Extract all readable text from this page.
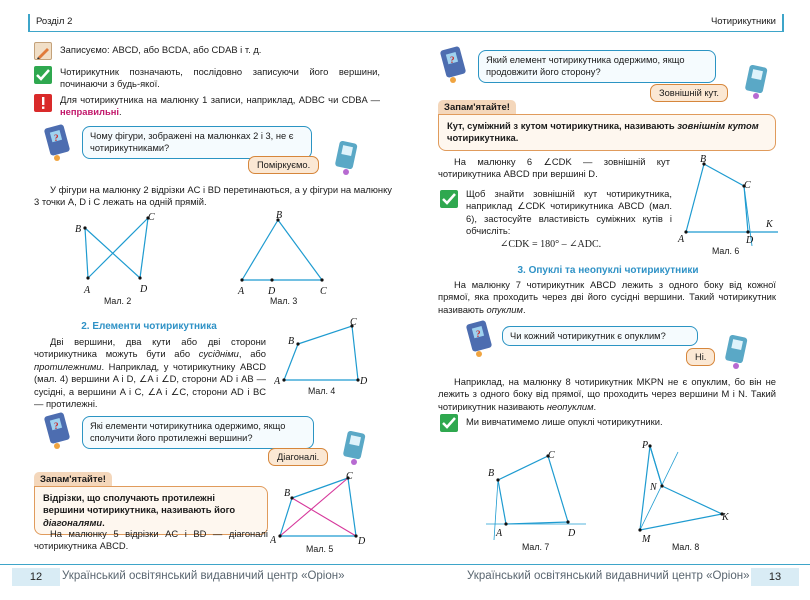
Розділ 2	Чотирикутники
Записуємо: ABCD, або BCDA, або CDAB і т. д.
Чотирикутник позначають, послідовно записуючи його вершини, починаючи з будь-якої.
Для чотирикутника на малюнку 1 записи, наприклад, ADBC чи CDBA — неправильні.
?	Чому фігури, зображені на малюнках 2 і 3, не є чотирикутниками?
Поміркуємо.
У фігури на малюнку 2 відрізки AC і BD перетинаються, а у фігури на малюнку 3 точки A, D і C лежать на одній прямій.
B
C
A	D
Мал. 2
B
A D	C
Мал. 3
2. Елементи чотирикутника
Дві вершини, два кути або дві сторони чотирикутника можуть бути або сусідніми, або протилежними. Наприклад, у чотирикутнику ABCD (мал. 4) вершини A і D, ∠A і ∠D, сторони AD і AB — сусідні, а вершини A і C, ∠A і ∠C, сторони AD і BC — протилежні.
B
C
A	D
Мал. 4
?	Які елементи чотирикутника одержимо, якщо сполучити його протилежні вершини?
Діагоналі.
Запам'ятайте!
Відрізки, що сполучають протилежні вершини чотирикутника, називають його діагоналями.
На малюнку 5 відрізки AC і BD — діагоналі чотирикутника ABCD.
B
C
A	D
Мал. 5
?	Який елемент чотирикутника одержимо, якщо продовжити його сторону?
Зовнішній кут.
Запам'ятайте!
Кут, суміжний з кутом чотирикутника, називають зовнішнім кутом чотирикутника.
На малюнку 6 ∠CDK — зовнішній кут чотирикутника ABCD при вершині D.
Щоб знайти зовнішній кут чотирикутника, наприклад ∠CDK чотирикутника ABCD (мал. 6), застосуйте властивість суміжних кутів і обчисліть:
∠CDK = 180° – ∠ADC.
B
C
A	D
K
Мал. 6
3. Опуклі та неопуклі чотирикутники
На малюнку 7 чотирикутник ABCD лежить з одного боку від кожної прямої, яка проходить через дві його сусідні вершини. Такий чотирикутник називають опуклим.
?	Чи кожний чотирикутник є опуклим?
Ні.
Наприклад, на малюнку 8 чотирикутник MKPN не є опуклим, бо він не лежить з одного боку від прямої, що проходить через вершини M і N. Такий чотирикутник називають неопуклим.
Ми вивчатимемо лише опуклі чотирикутники.
B
C
A	D
Мал. 7
P
N
K
M
Мал. 8
12	Український освітянський видавничий центр «Оріон»	Український освітянський видавничий центр «Оріон»	13
